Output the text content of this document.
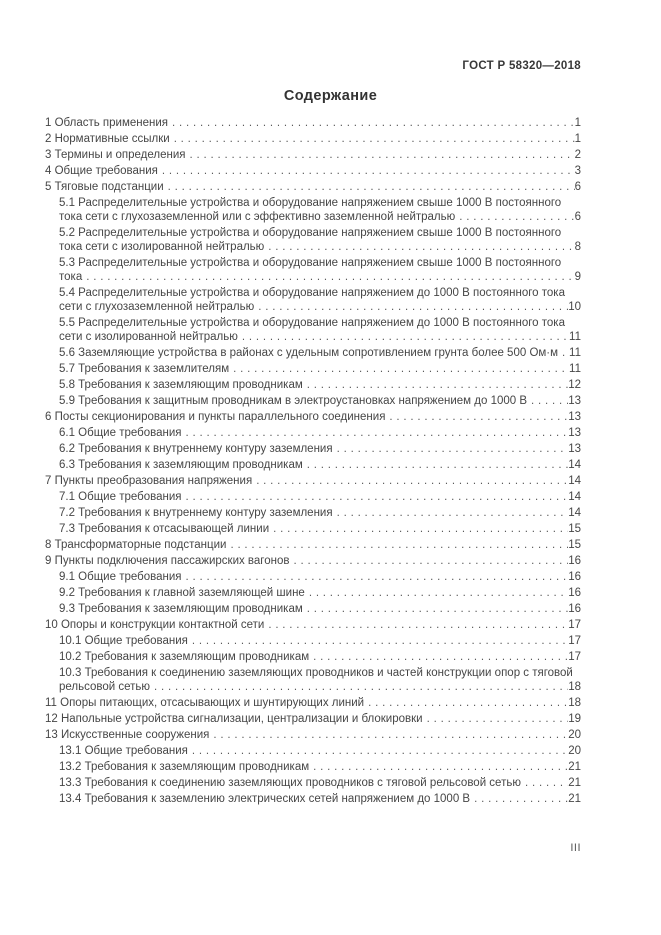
ГОСТ Р 58320—2018
Содержание
1 Область применения . . .	1
2 Нормативные ссылки . . .	1
3 Термины и определения . . .	2
4 Общие требования . . .	3
5 Тяговые подстанции . . .	6
5.1 Распределительные устройства и оборудование напряжением свыше 1000 В постоянного
тока сети с глухозаземленной или с эффективно заземленной нейтралью . . .	6
5.2 Распределительные устройства и оборудование напряжением свыше 1000 В постоянного
тока сети с изолированной нейтралью . . .	8
5.3 Распределительные устройства и оборудование напряжением свыше 1000 В постоянного
тока . . .	9
5.4 Распределительные устройства и оборудование напряжением до 1000 В постоянного тока
сети с глухозаземленной нейтралью . . .	10
5.5 Распределительные устройства и оборудование напряжением до 1000 В постоянного тока
сети с изолированной нейтралью . . .	11
5.6 Заземляющие устройства в районах с удельным сопротивлением грунта более 500 Ом·м . . . 11
5.7 Требования к заземлителям . . .	11
5.8 Требования к заземляющим проводникам . . .	12
5.9 Требования к защитным проводникам в электроустановках напряжением до 1000 В . . .	13
6 Посты секционирования и пункты параллельного соединения . . .	13
6.1 Общие требования . . .	13
6.2 Требования к внутреннему контуру заземления . . .	13
6.3 Требования к заземляющим проводникам . . .	14
7 Пункты преобразования напряжения . . .	14
7.1 Общие требования . . .	14
7.2 Требования к внутреннему контуру заземления . . .	14
7.3 Требования к отсасывающей линии . . .	15
8 Трансформаторные подстанции . . .	15
9 Пункты подключения пассажирских вагонов . . .	16
9.1 Общие требования . . .	16
9.2 Требования к главной заземляющей шине . . .	16
9.3 Требования к заземляющим проводникам . . .	16
10 Опоры и конструкции контактной сети . . .	17
10.1 Общие требования . . .	17
10.2 Требования к заземляющим проводникам . . .	17
10.3 Требования к соединению заземляющих проводников и частей конструкции опор с тяговой
рельсовой сетью . . .	18
11 Опоры питающих, отсасывающих и шунтирующих линий . . .	18
12 Напольные устройства сигнализации, централизации и блокировки . . .	19
13 Искусственные сооружения . . .	20
13.1 Общие требования . . .	20
13.2 Требования к заземляющим проводникам . . .	21
13.3 Требования к соединению заземляющих проводников с тяговой рельсовой сетью . . .	21
13.4 Требования к заземлению электрических сетей напряжением до 1000 В . . .	21
III
